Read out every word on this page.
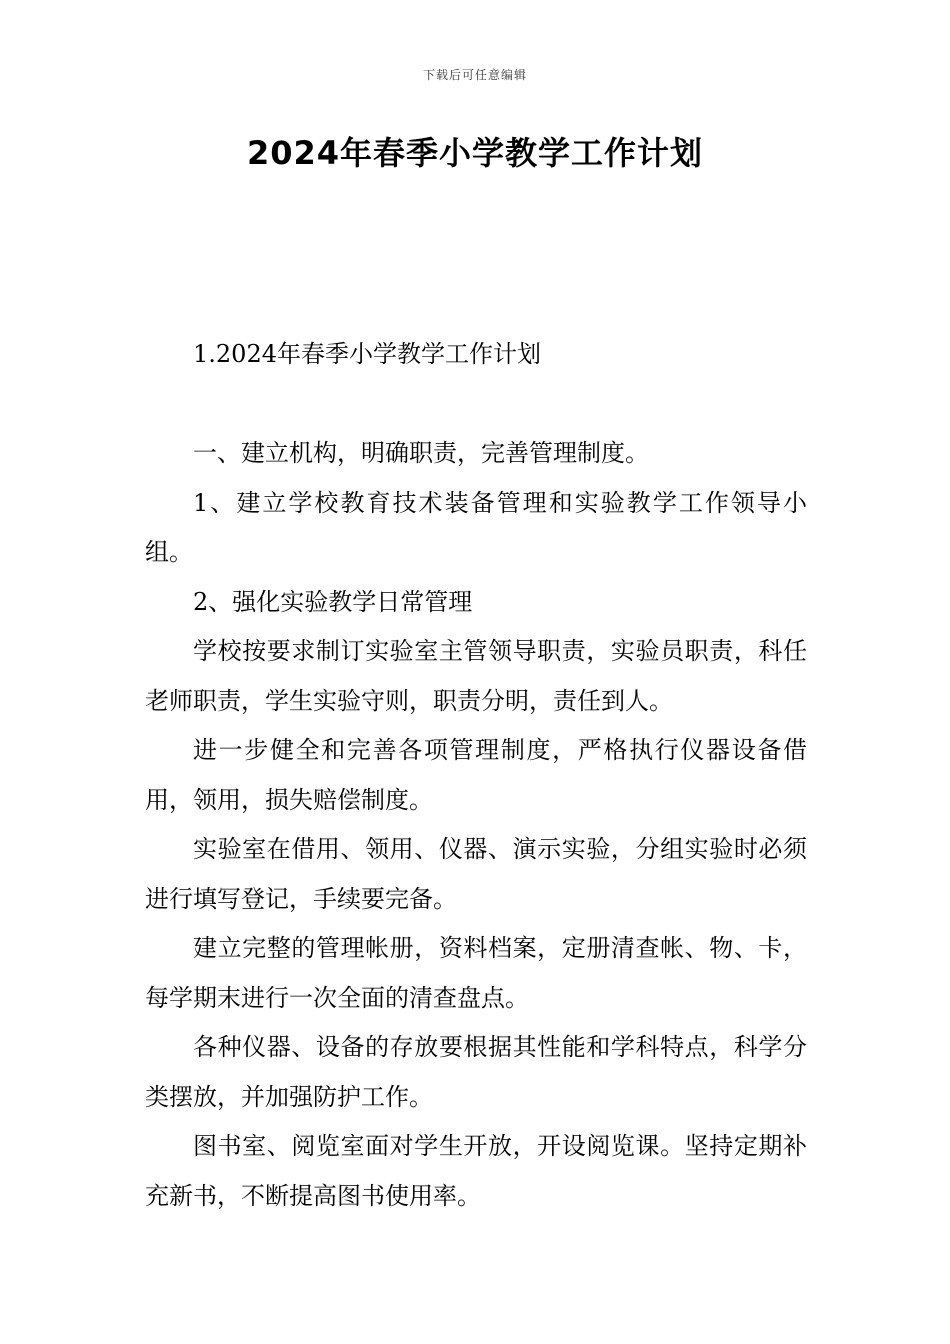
下载后可任意编辑
2024年春季小学教学工作计划

1.2024年春季小学教学工作计划

一、建立机构，明确职责，完善管理制度。

1、建立学校教育技术装备管理和实验教学工作领导小组。

2、强化实验教学日常管理

学校按要求制订实验室主管领导职责，实验员职责，科任老师职责，学生实验守则，职责分明，责任到人。

进一步健全和完善各项管理制度，严格执行仪器设备借用，领用，损失赔偿制度。

实验室在借用、领用、仪器、演示实验，分组实验时必须进行填写登记，手续要完备。

建立完整的管理帐册，资料档案，定册清查帐、物、卡，每学期末进行一次全面的清查盘点。

各种仪器、设备的存放要根据其性能和学科特点，科学分类摆放，并加强防护工作。

图书室、阅览室面对学生开放，开设阅览课。坚持定期补充新书，不断提高图书使用率。
